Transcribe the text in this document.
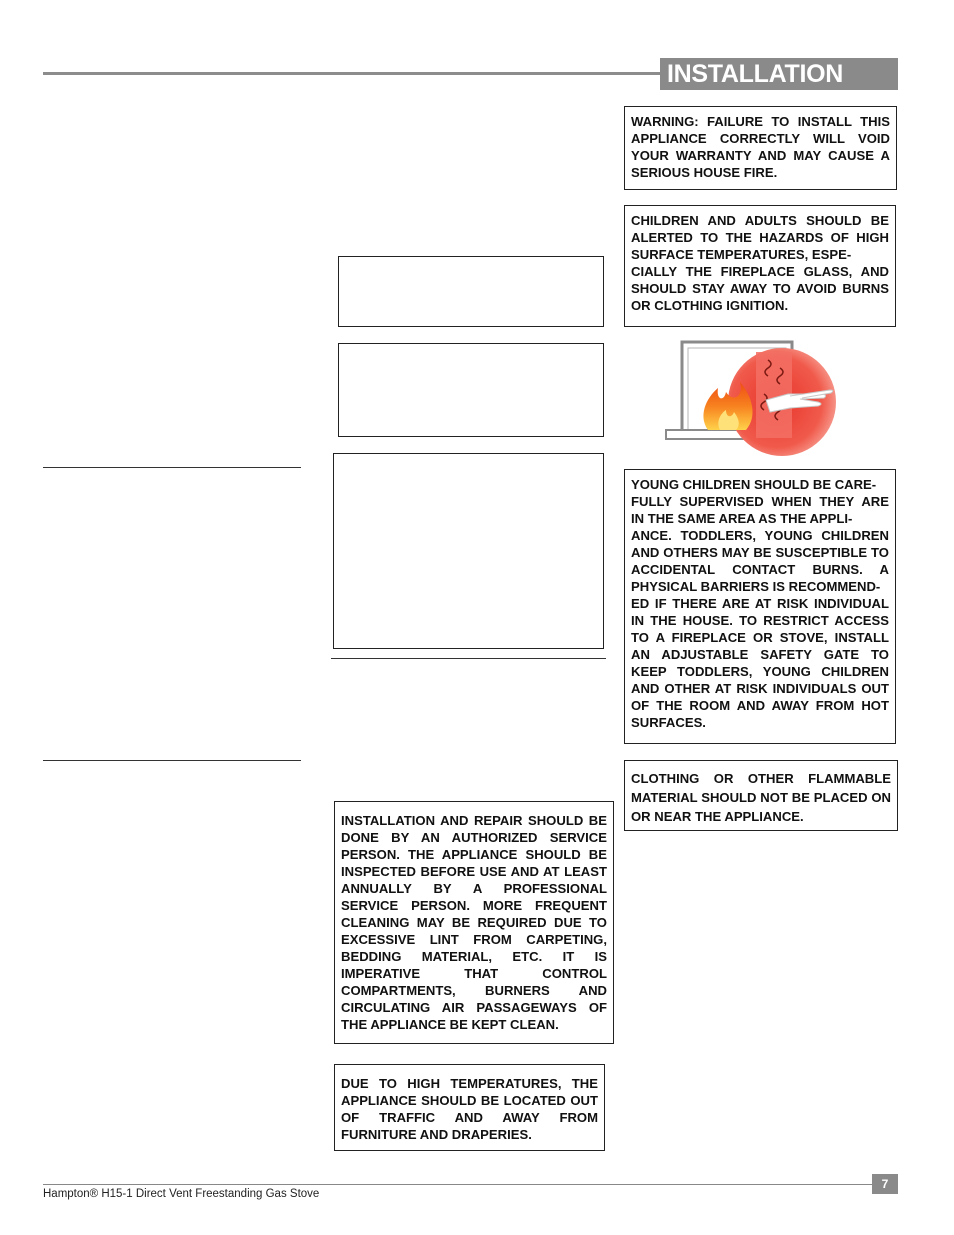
INSTALLATION
WARNING: FAILURE TO INSTALL THIS APPLIANCE CORRECTLY WILL VOID YOUR WARRANTY AND MAY CAUSE A SERIOUS HOUSE FIRE.
CHILDREN AND ADULTS SHOULD BE ALERTED TO THE HAZARDS OF HIGH SURFACE TEMPERATURES, ESPE-
CIALLY THE FIREPLACE GLASS, AND SHOULD STAY AWAY TO AVOID BURNS OR CLOTHING IGNITION.
YOUNG CHILDREN SHOULD BE CARE-
FULLY SUPERVISED WHEN THEY ARE IN THE SAME AREA AS THE APPLI-
ANCE. TODDLERS, YOUNG CHILDREN AND OTHERS MAY BE SUSCEPTIBLE TO ACCIDENTAL CONTACT BURNS. A PHYSICAL BARRIERS IS RECOMMEND-
ED IF THERE ARE AT RISK INDIVIDUAL IN THE HOUSE. TO RESTRICT ACCESS TO A FIREPLACE OR STOVE, INSTALL AN ADJUSTABLE SAFETY GATE TO KEEP TODDLERS, YOUNG CHILDREN AND OTHER AT RISK INDIVIDUALS OUT OF THE ROOM AND AWAY FROM HOT SURFACES.
CLOTHING OR OTHER FLAMMABLE MATERIAL SHOULD NOT BE PLACED ON OR NEAR THE APPLIANCE.
INSTALLATION AND REPAIR SHOULD BE DONE BY AN AUTHORIZED SERVICE PERSON. THE APPLIANCE SHOULD BE INSPECTED BEFORE USE AND AT LEAST ANNUALLY BY A PROFESSIONAL SERVICE PERSON. MORE FREQUENT CLEANING MAY BE REQUIRED DUE TO EXCESSIVE LINT FROM CARPETING, BEDDING MATERIAL, ETC. IT IS IMPERATIVE THAT CONTROL COMPARTMENTS, BURNERS AND CIRCULATING AIR PASSAGEWAYS OF THE APPLIANCE BE KEPT CLEAN.
DUE TO HIGH TEMPERATURES, THE APPLIANCE SHOULD BE LOCATED OUT OF TRAFFIC AND AWAY FROM FURNITURE AND DRAPERIES.
7
Hampton® H15-1 Direct Vent Freestanding Gas Stove
